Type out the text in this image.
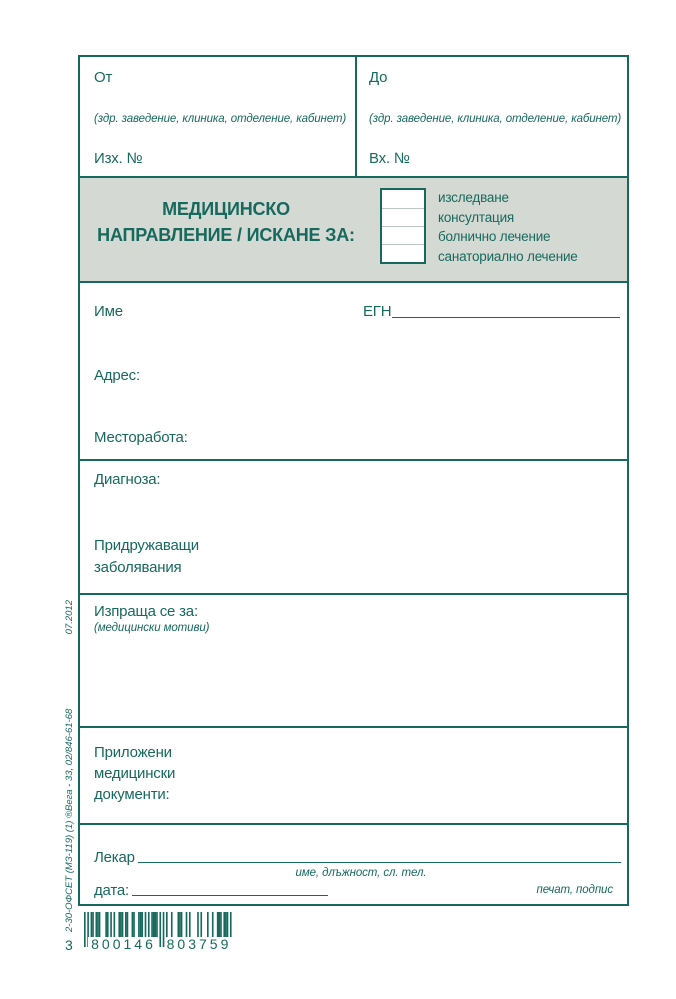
От
(здр. заведение, клиника, отделение, кабинет)
Изх. №
До
(здр. заведение, клиника, отделение, кабинет)
Вх. №
МЕДИЦИНСКО
НАПРАВЛЕНИЕ / ИСКАНЕ ЗА:
изследване
консултация
болнично лечение
санаториално лечение
Име	ЕГН
Адрес:
Месторабота:
Диагноза:
Придружаващи
заболявания
Изпраща се за:
(медицински мотиви)
Приложени
медицински
документи:
Лекар
име, длъжност, сл. тел.
дата:	печат, подпис
2-30-ОФСЕТ (МЗ-119) (1) ®Вега - 33, 02/846-61-68
07.2012
3 800146 803759
